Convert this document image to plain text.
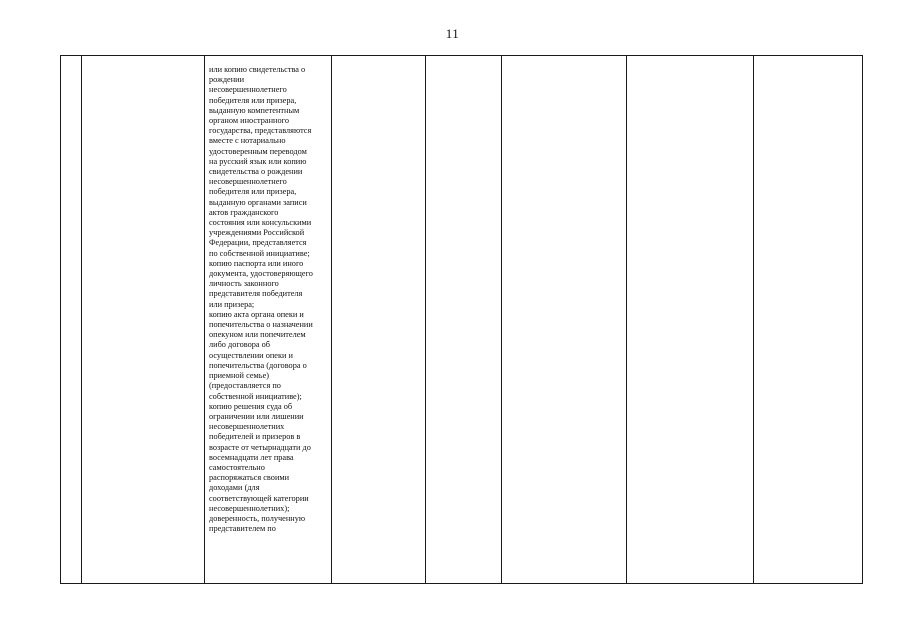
11

или копию свидетельства о
рождении
несовершеннолетнего
победителя или призера,
выданную компетентным
органом иностранного
государства, представляются
вместе с нотариально
удостоверенным переводом
на русский язык или копию
свидетельства о рождении
несовершеннолетнего
победителя или призера,
выданную органами записи
актов гражданского
состояния или консульскими
учреждениями Российской
Федерации, представляется
по собственной инициативе;
копию паспорта или иного
документа, удостоверяющего
личность законного
представителя победителя
или призера;
копию акта органа опеки и
попечительства о назначении
опекуном или попечителем
либо договора об
осуществлении опеки и
попечительства (договора о
приемной семье)
(предоставляется по
собственной инициативе);
копию решения суда об
ограничении или лишении
несовершеннолетних
победителей и призеров в
возрасте от четырнадцати до
восемнадцати лет права
самостоятельно
распоряжаться своими
доходами (для
соответствующей категории
несовершеннолетних);
доверенность, полученную
представителем по
